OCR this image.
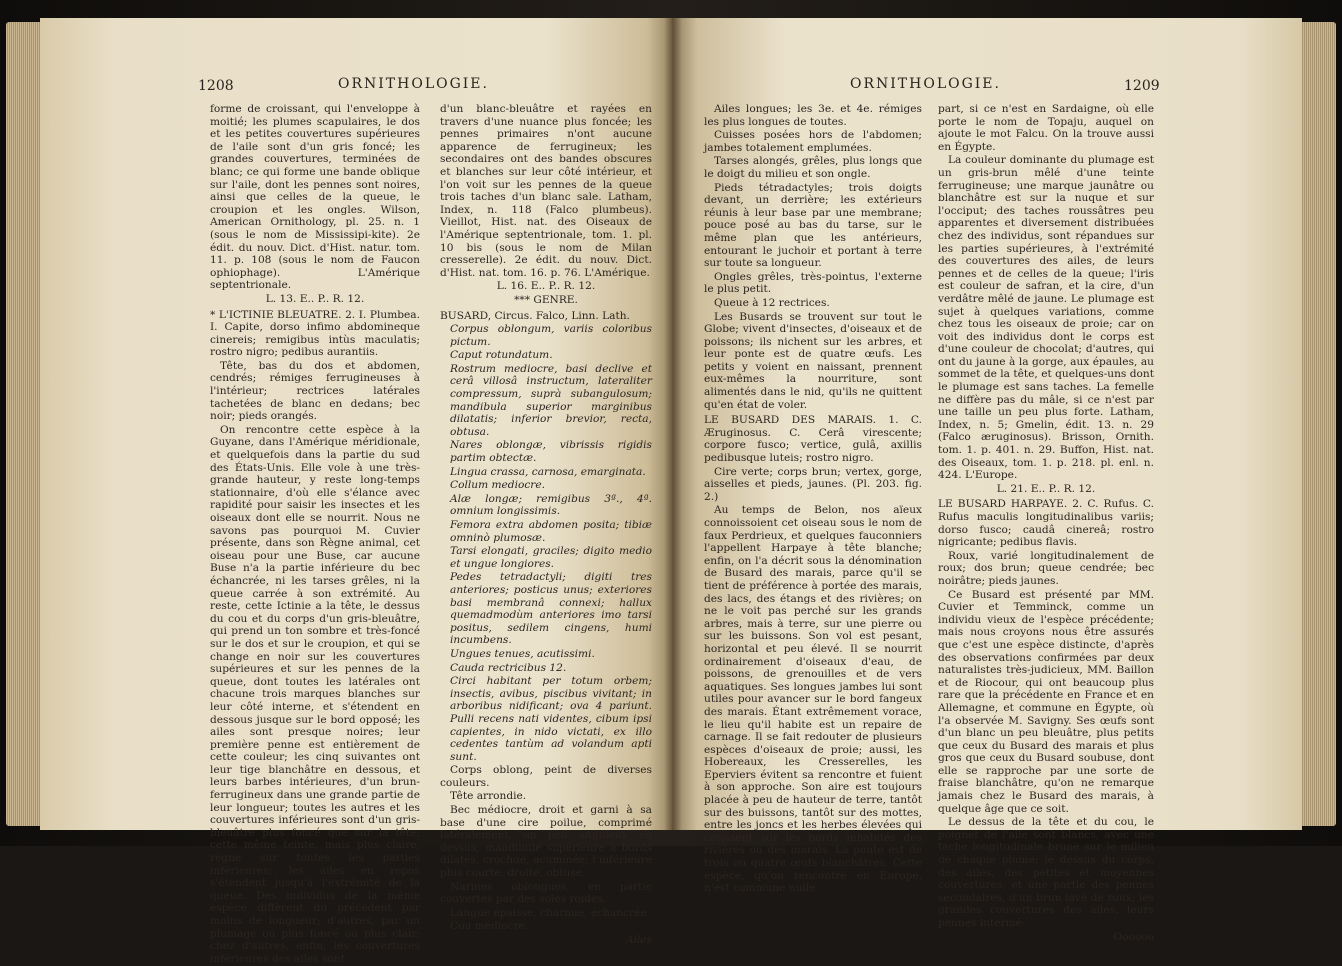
1208	ORNITHOLOGIE.

forme de croissant, qui l'enveloppe à moitié; les plumes scapulaires, le dos et les petites couvertures supérieures de l'aile sont d'un gris foncé; les grandes couvertures, terminées de blanc; ce qui forme une bande oblique sur l'aile, dont les pennes sont noires, ainsi que celles de la queue, le croupion et les ongles. Wilson, American Ornithology, pl. 25. n. 1 (sous le nom de Mississipi-kite). 2e édit. du nouv. Dict. d'Hist. natur. tom. 11. p. 108 (sous le nom de Faucon ophiophage). L'Amérique septentrionale.

L. 13. E.. P.. R. 12.

* L'ICTINIE BLEUATRE. 2. I. Plumbea. I. Capite, dorso infimo abdomineque cinereis; remigibus intùs maculatis; rostro nigro; pedibus aurantiis.

Tête, bas du dos et abdomen, cendrés; rémiges ferrugineuses à l'intérieur; rectrices latérales tachetées de blanc en dedans; bec noir; pieds orangés.

On rencontre cette espèce à la Guyane, dans l'Amérique méridionale, et quelquefois dans la partie du sud des États-Unis. Elle vole à une très-grande hauteur, y reste long-temps stationnaire, d'où elle s'élance avec rapidité pour saisir les insectes et les oiseaux dont elle se nourrit. Nous ne savons pas pourquoi M. Cuvier présente, dans son Règne animal, cet oiseau pour une Buse, car aucune Buse n'a la partie inférieure du bec échancrée, ni les tarses grêles, ni la queue carrée à son extrémité. Au reste, cette Ictinie a la tête, le dessus du cou et du corps d'un gris-bleuâtre, qui prend un ton sombre et très-foncé sur le dos et sur le croupion, et qui se change en noir sur les couvertures supérieures et sur les pennes de la queue, dont toutes les latérales ont chacune trois marques blanches sur leur côté interne, et s'étendent en dessous jusque sur le bord opposé; les ailes sont presque noires; leur première penne est entièrement de cette couleur; les cinq suivantes ont leur tige blanchâtre en dessous, et leurs barbes intérieures, d'un brun-ferrugineux dans une grande partie de leur longueur; toutes les autres et les couvertures inférieures sont d'un gris-bleuâtre plus foncé que sur la tête; cette même teinte, mais plus claire, règne sur toutes les parties inférieures; les ailes en repos s'étendent jusqu'à l'extrémité de la queue. Des individus de la même espèce diffèrent du précédent par moins de longueur; d'autres, par un plumage ou plus foncé ou plus clair; chez d'autres, enfin, les couvertures inférieures des ailes sont

d'un blanc-bleuâtre et rayées en travers d'une nuance plus foncée; les pennes primaires n'ont aucune apparence de ferrugineux; les secondaires ont des bandes obscures et blanches sur leur côté intérieur, et l'on voit sur les pennes de la queue trois taches d'un blanc sale. Latham, Index, n. 118 (Falco plumbeus). Vieillot, Hist. nat. des Oiseaux de l'Amérique septentrionale, tom. 1. pl. 10 bis (sous le nom de Milan cresserelle). 2e édit. du nouv. Dict. d'Hist. nat. tom. 16. p. 76. L'Amérique.

L. 16. E.. P.. R. 12.

*** GENRE.

BUSARD, Circus. Falco, Linn. Lath.

Corpus oblongum, variis coloribus pictum.

Caput rotundatum.

Rostrum mediocre, basi declive et cerâ villosâ instructum, lateraliter compressum, suprà subangulosum; mandibula superior marginibus dilatatis; inferior brevior, recta, obtusa.

Nares oblongæ, vibrissis rigidis partim obtectæ.

Lingua crassa, carnosa, emarginata.

Collum mediocre.

Alæ longæ; remigibus 3ª., 4ª. omnium longissimis.

Femora extra abdomen posita; tibiæ omninò plumosæ.

Tarsi elongati, graciles; digito medio et ungue longiores.

Pedes tetradactyli; digiti tres anteriores; posticus unus; exteriores basi membranâ connexi; hallux quemadmodùm anteriores imo tarsi positus, sedilem cingens, humi incumbens.

Ungues tenues, acutissimi.

Cauda rectricibus 12.

Circi habitant per totum orbem; insectis, avibus, piscibus vivitant; in arboribus nidificant; ova 4 pariunt. Pulli recens nati videntes, cibum ipsi capientes, in nido victati, ex illo cedentes tantùm ad volandum apti sunt.

Corps oblong, peint de diverses couleurs.

Tête arrondie.

Bec médiocre, droit et garni à sa base d'une cire poilue, comprimé latéralement, un peu anguleux en dessus; mandibule supérieure à bords dilatés, crochue, acuminée; l'inférieure plus courte, droite, obtuse.

Narines oblongues, en partie couvertes par des soies roides.

Langue épaisse, charnue, échancrée.

Cou médiocre.

Ailes

ORNITHOLOGIE.	1209

Ailes longues; les 3e. et 4e. rémiges les plus longues de toutes.

Cuisses posées hors de l'abdomen; jambes totalement emplumées.

Tarses alongés, grêles, plus longs que le doigt du milieu et son ongle.

Pieds tétradactyles; trois doigts devant, un derrière; les extérieurs réunis à leur base par une membrane; pouce posé au bas du tarse, sur le même plan que les antérieurs, entourant le juchoir et portant à terre sur toute sa longueur.

Ongles grêles, très-pointus, l'externe le plus petit.

Queue à 12 rectrices.

Les Busards se trouvent sur tout le Globe; vivent d'insectes, d'oiseaux et de poissons; ils nichent sur les arbres, et leur ponte est de quatre œufs. Les petits y voient en naissant, prennent eux-mêmes la nourriture, sont alimentés dans le nid, qu'ils ne quittent qu'en état de voler.

LE BUSARD DES MARAIS. 1. C. Æruginosus. C. Cerâ virescente; corpore fusco; vertice, gulâ, axillis pedibusque luteis; rostro nigro.

Cire verte; corps brun; vertex, gorge, aisselles et pieds, jaunes. (Pl. 203. fig. 2.)

Au temps de Belon, nos aïeux connoissoient cet oiseau sous le nom de faux Perdrieux, et quelques fauconniers l'appellent Harpaye à tête blanche; enfin, on l'a décrit sous la dénomination de Busard des marais, parce qu'il se tient de préférence à portée des marais, des lacs, des étangs et des rivières; on ne le voit pas perché sur les grands arbres, mais à terre, sur une pierre ou sur les buissons. Son vol est pesant, horizontal et peu élevé. Il se nourrit ordinairement d'oiseaux d'eau, de poissons, de grenouilles et de vers aquatiques. Ses longues jambes lui sont utiles pour avancer sur le bord fangeux des marais. Étant extrêmement vorace, le lieu qu'il habite est un repaire de carnage. Il se fait redouter de plusieurs espèces d'oiseaux de proie; aussi, les Hobereaux, les Cresserelles, les Eperviers évitent sa rencontre et fuient à son approche. Son aire est toujours placée à peu de hauteur de terre, tantôt sur des buissons, tantôt sur des mottes, entre les joncs et les herbes élevées qui croissent sur les bords inhabités des rivières ou des marais. La ponte est de trois ou quatre œufs blanchâtres. Cette espèce, qu'on rencontre en Europe, n'est commune nulle

part, si ce n'est en Sardaigne, où elle porte le nom de Topaju, auquel on ajoute le mot Falcu. On la trouve aussi en Égypte.

La couleur dominante du plumage est un gris-brun mêlé d'une teinte ferrugineuse; une marque jaunâtre ou blanchâtre est sur la nuque et sur l'occiput; des taches roussâtres peu apparentes et diversement distribuées chez des individus, sont répandues sur les parties supérieures, à l'extrémité des couvertures des ailes, de leurs pennes et de celles de la queue; l'iris est couleur de safran, et la cire, d'un verdâtre mêlé de jaune. Le plumage est sujet à quelques variations, comme chez tous les oiseaux de proie; car on voit des individus dont le corps est d'une couleur de chocolat; d'autres, qui ont du jaune à la gorge, aux épaules, au sommet de la tête, et quelques-uns dont le plumage est sans taches. La femelle ne diffère pas du mâle, si ce n'est par une taille un peu plus forte. Latham, Index, n. 5; Gmelin, édit. 13. n. 29 (Falco æruginosus). Brisson, Ornith. tom. 1. p. 401. n. 29. Buffon, Hist. nat. des Oiseaux, tom. 1. p. 218. pl. enl. n. 424. L'Europe.

L. 21. E.. P.. R. 12.

LE BUSARD HARPAYE. 2. C. Rufus. C. Rufus maculis longitudinalibus variis; dorso fusco; caudâ cinereâ; rostro nigricante; pedibus flavis.

Roux, varié longitudinalement de roux; dos brun; queue cendrée; bec noirâtre; pieds jaunes.

Ce Busard est présenté par MM. Cuvier et Temminck, comme un individu vieux de l'espèce précédente; mais nous croyons nous être assurés que c'est une espèce distincte, d'après des observations confirmées par deux naturalistes très-judicieux, MM. Baillon et de Riocour, qui ont beaucoup plus rare que la précédente en France et en Allemagne, et commune en Égypte, où l'a observée M. Savigny. Ses œufs sont d'un blanc un peu bleuâtre, plus petits que ceux du Busard des marais et plus gros que ceux du Busard soubuse, dont elle se rapproche par une sorte de fraise blanchâtre, qu'on ne remarque jamais chez le Busard des marais, à quelque âge que ce soit.

Le dessus de la tête et du cou, le poignet de l'aile sont blancs, avec une tache longitudinale brune sur le milieu de chaque plume; le dessus du corps, des ailes, des petites et moyennes couvertures, et une partie des pennes secondaires, d'un brun lavé de roux; les grandes couvertures des ailes, leurs pennes intermé-

Oooooo
